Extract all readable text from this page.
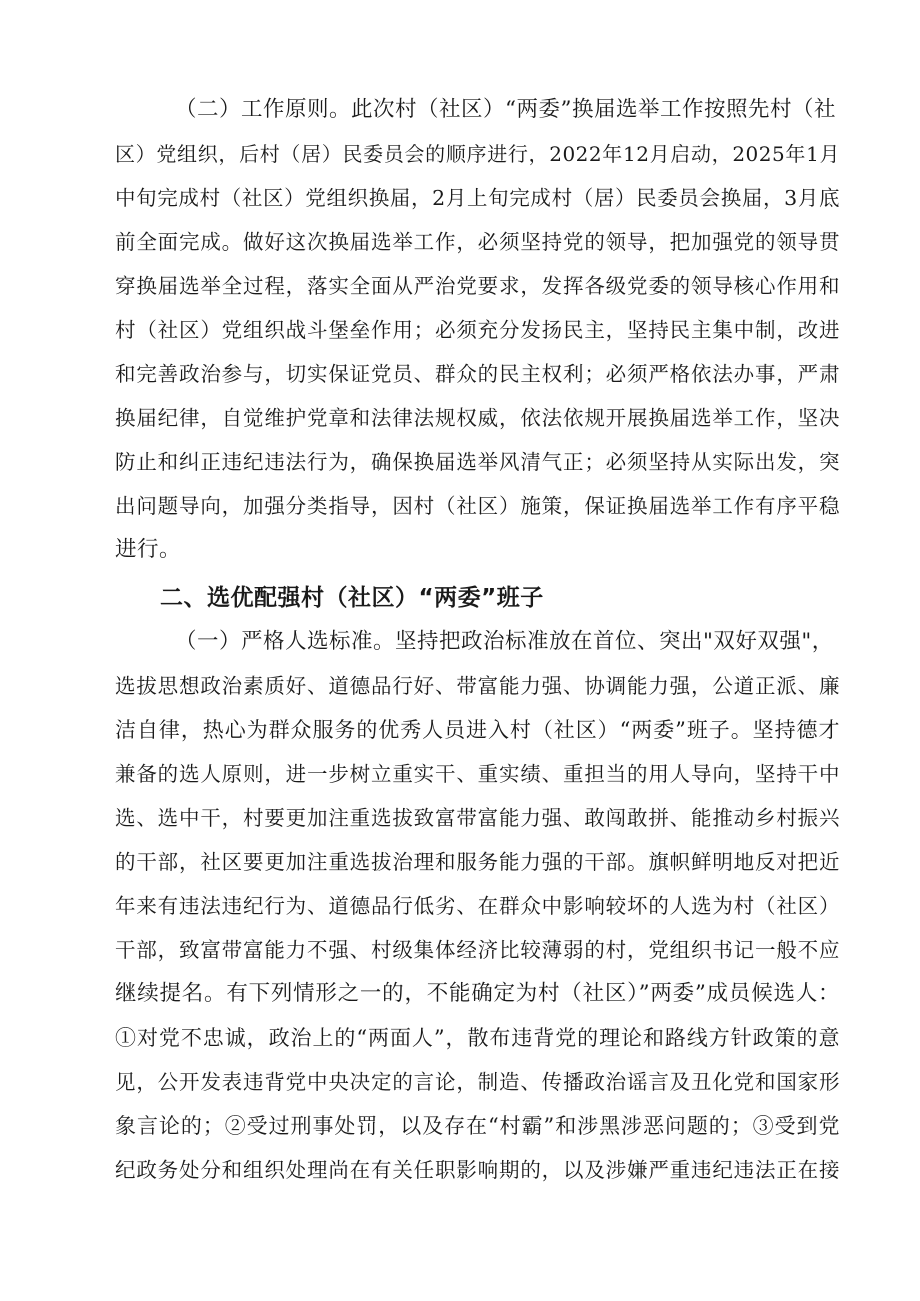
（二）工作原则。此次村（社区）“两委”换届选举工作按照先村（社
区）党组织，后村（居）民委员会的顺序进行，2022年12月启动，2025年1月
中旬完成村（社区）党组织换届，2月上旬完成村（居）民委员会换届，3月底
前全面完成。做好这次换届选举工作，必须坚持党的领导，把加强党的领导贯
穿换届选举全过程，落实全面从严治党要求，发挥各级党委的领导核心作用和
村（社区）党组织战斗堡垒作用；必须充分发扬民主，坚持民主集中制，改进
和完善政治参与，切实保证党员、群众的民主权利；必须严格依法办事，严肃
换届纪律，自觉维护党章和法律法规权威，依法依规开展换届选举工作，坚决
防止和纠正违纪违法行为，确保换届选举风清气正；必须坚持从实际出发，突
出问题导向，加强分类指导，因村（社区）施策，保证换届选举工作有序平稳
进行。
二、选优配强村（社区）“两委”班子
（一）严格人选标准。坚持把政治标准放在首位、突出"双好双强"，
选拔思想政治素质好、道德品行好、带富能力强、协调能力强，公道正派、廉
洁自律，热心为群众服务的优秀人员进入村（社区）“两委”班子。坚持德才
兼备的选人原则，进一步树立重实干、重实绩、重担当的用人导向，坚持干中
选、选中干，村要更加注重选拔致富带富能力强、敢闯敢拼、能推动乡村振兴
的干部，社区要更加注重选拔治理和服务能力强的干部。旗帜鲜明地反对把近
年来有违法违纪行为、道德品行低劣、在群众中影响较坏的人选为村（社区）
干部，致富带富能力不强、村级集体经济比较薄弱的村，党组织书记一般不应
继续提名。有下列情形之一的，不能确定为村（社区）”两委”成员候选人：
①对党不忠诚，政治上的“两面人”，散布违背党的理论和路线方针政策的意
见，公开发表违背党中央决定的言论，制造、传播政治谣言及丑化党和国家形
象言论的；②受过刑事处罚，以及存在“村霸”和涉黑涉恶问题的；③受到党
纪政务处分和组织处理尚在有关任职影响期的，以及涉嫌严重违纪违法正在接
